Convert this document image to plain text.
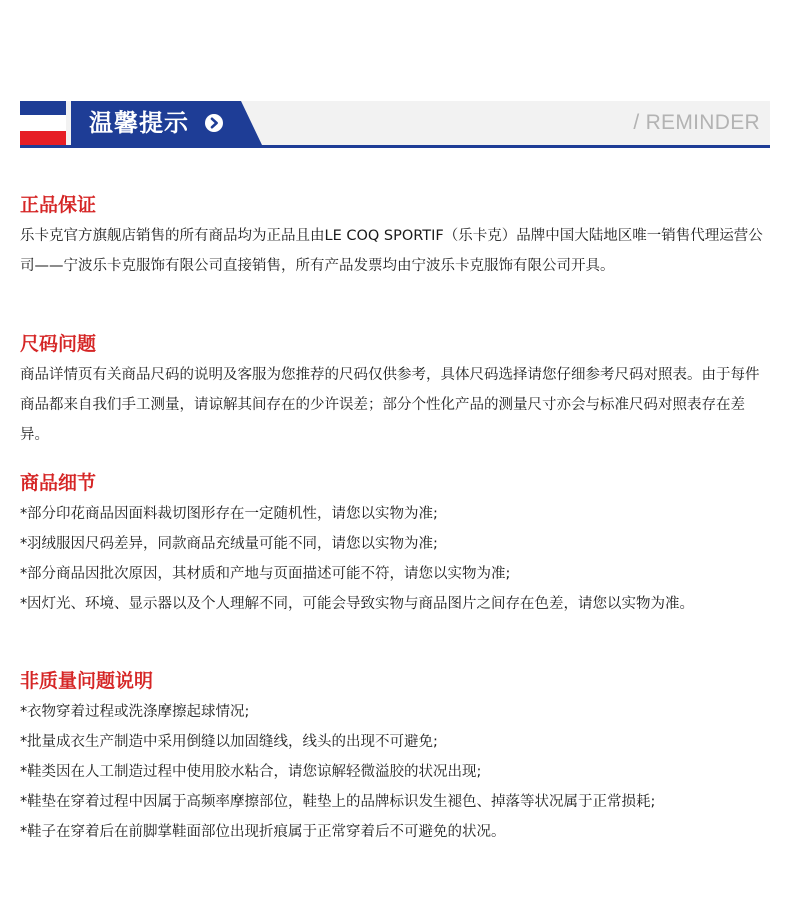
温馨提示	/ REMINDER
正品保证

乐卡克官方旗舰店销售的所有商品均为正品且由LE COQ SPORTIF（乐卡克）品牌中国大陆地区唯一销售代理运营公司——宁波乐卡克服饰有限公司直接销售，所有产品发票均由宁波乐卡克服饰有限公司开具。

尺码问题

商品详情页有关商品尺码的说明及客服为您推荐的尺码仅供参考，具体尺码选择请您仔细参考尺码对照表。由于每件商品都来自我们手工测量，请谅解其间存在的少许误差；部分个性化产品的测量尺寸亦会与标准尺码对照表存在差异。

商品细节
* 部分印花商品因面料裁切图形存在一定随机性，请您以实物为准;
* 羽绒服因尺码差异，同款商品充绒量可能不同，请您以实物为准;
* 部分商品因批次原因，其材质和产地与页面描述可能不符，请您以实物为准;
* 因灯光、环境、显示器以及个人理解不同，可能会导致实物与商品图片之间存在色差，请您以实物为准。
非质量问题说明
* 衣物穿着过程或洗涤摩擦起球情况;
* 批量成衣生产制造中采用倒缝以加固缝线，线头的出现不可避免;
* 鞋类因在人工制造过程中使用胶水粘合，请您谅解轻微溢胶的状况出现;
* 鞋垫在穿着过程中因属于高频率摩擦部位，鞋垫上的品牌标识发生褪色、掉落等状况属于正常损耗;
* 鞋子在穿着后在前脚掌鞋面部位出现折痕属于正常穿着后不可避免的状况。
